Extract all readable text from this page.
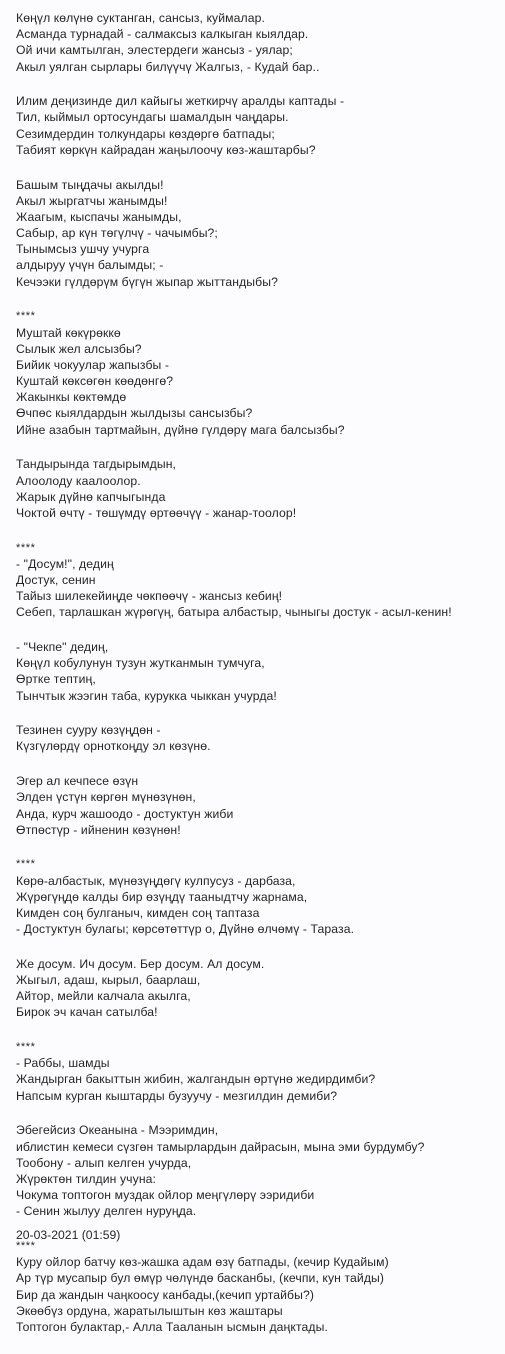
Көңүл көлүнө суктанган, сансыз, куймалар.
Асманда турнадай - салмаксыз калкыган кыялдар.
Ой ичи камтылган, элестердеги жансыз - уялар;
Акыл уялган сырлары билүүчү Жалгыз, - Кудай бар..
Илим деңизинде дил кайыгы жеткирчү аралды каптады -
Тил, кыймыл ортосундагы шамалдын чаңдары.
Сезимдердин толкундары көздөргө батпады;
Табият көркүн кайрадан жаңылоочу көз-жаштарбы?
Башым тыңдачы акылды!
Акыл жыргатчы жанымды!
Жаагым, кыспачы жанымды,
Сабыр, ар күн төгүлчү - чачымбы?;
Тынымсыз ушчу учурга
алдыруу үчүн балымды; -
Кечээки гүлдөрүм бүгүн жыпар жыттандыбы?
****
Муштай көкүрөккө
Сылык жел алсызбы?
Бийик чокуулар жапызбы -
Куштай көксөгөн көөдөнгө?
Жакынкы көктөмдө
Өчпөс кыялдардын жылдызы сансызбы?
Ийне азабын тартмайын, дүйнө гүлдөрү мага балсызбы?
Тандырында тагдырымдын,
Алоолоду каалоолор.
Жарык дүйнө капчыгында
Чоктой өчтү - төшүмдү өртөөчүү - жанар-тоолор!
****
- "Досум!", дедиң
Достук, сенин
Тайыз шилекейиңде чөкпөөчү - жансыз кебиң!
Себеп, тарлашкан жүрөгүң, батыра албастыр, чыныгы достук - асыл-кенин!
- "Чекпе" дедиң,
Көңүл кобулунун тузун жутканмын тумчуга,
Өртке тептиң,
Тынчтык жээгин таба, курукка чыккан учурда!
Тезинен сууру көзүңдөн -
Күзгүлөрдү орноткоңду эл көзүнө.
Эгер ал кечпесе өзүн
Элден үстүн көргөн мүнөзүнөн,
Анда, курч жашоодо - достуктун жиби
Өтпөстүр - ийненин көзүнөн!
****
Көрө-албастык, мүнөзүңдөгү кулпусуз - дарбаза,
Жүрөгүңдө калды бир өзүңдү тааныдтчу жарнама,
Кимден соң булганыч, кимден соң таптаза
- Достуктун булагы; көрсөтөттүр о, Дүйнө өлчөмү - Тараза.
Же досум. Ич досум. Бер досум. Ал досум.
Жыгыл, адаш, кырыл, баарлаш,
Айтор, мейли калчала акылга,
Бирок эч качан сатылба!
****
- Раббы, шамды
Жандырган бакыттын жибин, жалгандын өртүнө жедирдимби?
Напсым курган кыштарды бузуучу - мезгилдин демиби?
Эбегейсиз Океанына - Мээримдин,
иблистин кемеси сүзгөн тамырлардын дайрасын, мына эми бурдумбу?
Тообону - алып келген учурда,
Жүрөктөн тилдин учуна:
Чокума топтогон муздак ойлор меңгүлөрү ээридиби
- Сенин жылуу делген нуруңда.
****
Куру ойлор батчу көз-жашка адам өзү батпады, (кечир Кудайым)
Ар түр мусапыр бул өмүр чөлүндө басканбы, (кечпи, кун тайды)
Бир да жандын чаңкоосу канбады,(кечип уртайбы?)
Экөөбүз ордуна, жаратылыштын көз жаштары
Топтогон булактар,- Алла Тааланын ысмын даңктады.
20-03-2021 (01:59)
